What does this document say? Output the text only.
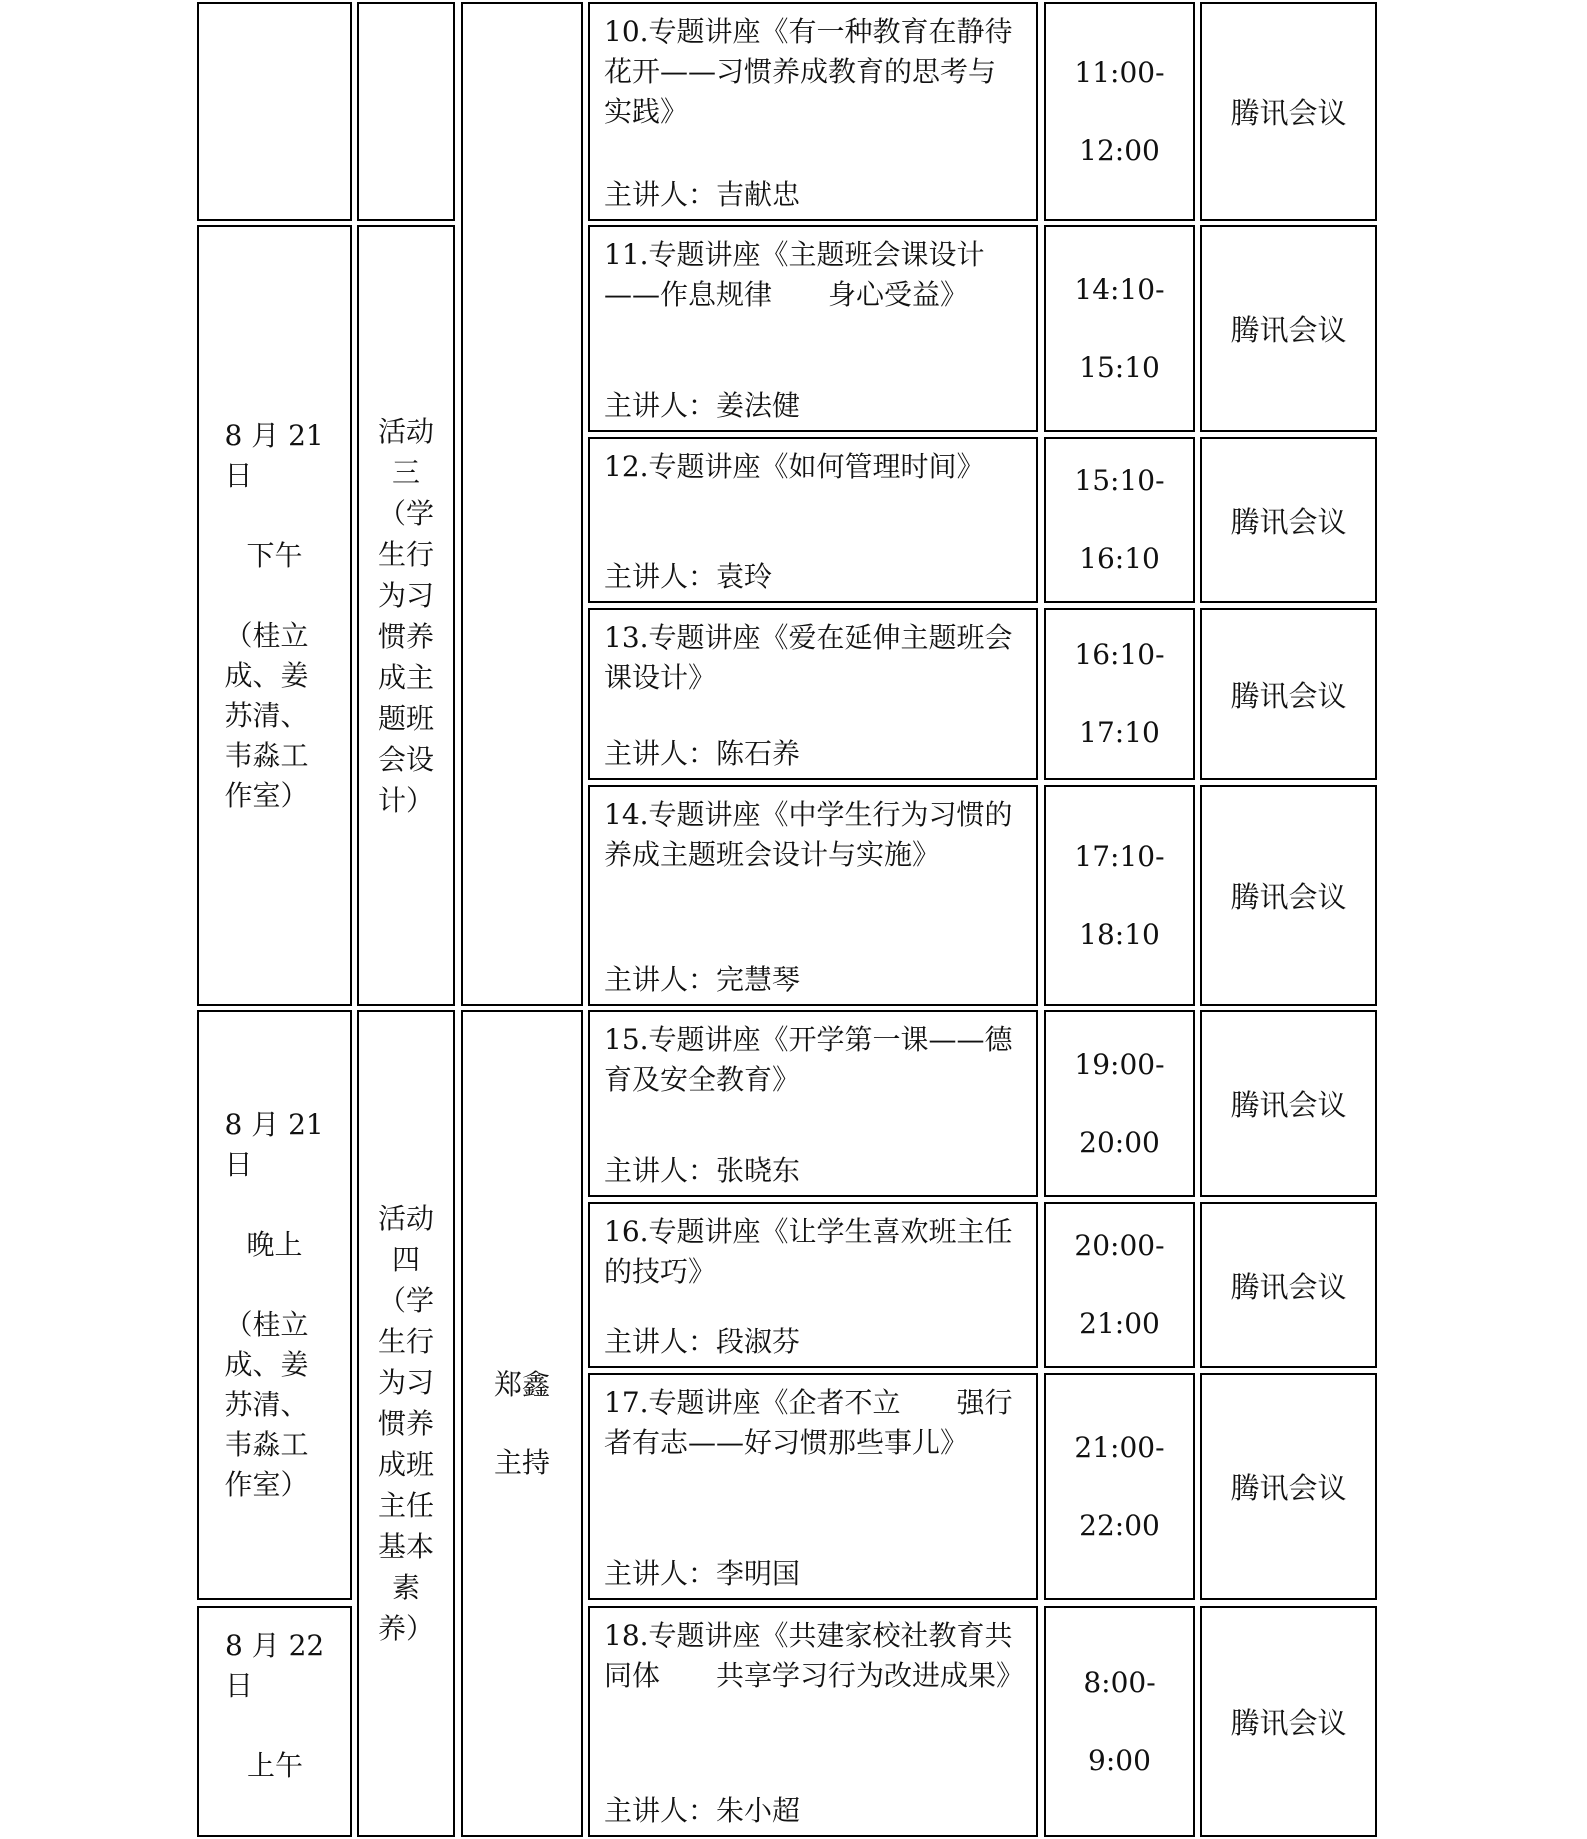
8 月 21 日
下午
（桂立成、姜苏清、韦淼工作室）
8 月 21 日
晚上
（桂立成、姜苏清、韦淼工作室）
8 月 22 日
上午
活动三（学生行为习惯养成主题班会设计）
活动四（学生行为习惯养成班主任基本素养）
郑鑫主持
10.专题讲座《有一种教育在静待花开——习惯养成教育的思考与实践》
主讲人：吉献忠
11:00-
12:00
腾讯会议
11.专题讲座《主题班会课设计——作息规律　　身心受益》
主讲人：姜法健
14:10-
15:10
腾讯会议
12.专题讲座《如何管理时间》
主讲人：袁玲
15:10-
16:10
腾讯会议
13.专题讲座《爱在延伸主题班会课设计》
主讲人：陈石养
16:10-
17:10
腾讯会议
14.专题讲座《中学生行为习惯的养成主题班会设计与实施》
主讲人：完慧琴
17:10-
18:10
腾讯会议
15.专题讲座《开学第一课——德育及安全教育》
主讲人：张晓东
19:00-
20:00
腾讯会议
16.专题讲座《让学生喜欢班主任的技巧》
主讲人：段淑芬
20:00-
21:00
腾讯会议
17.专题讲座《企者不立　　强行者有志——好习惯那些事儿》
主讲人：李明国
21:00-
22:00
腾讯会议
18.专题讲座《共建家校社教育共同体　　共享学习行为改进成果》
主讲人：朱小超
8:00-
9:00
腾讯会议
